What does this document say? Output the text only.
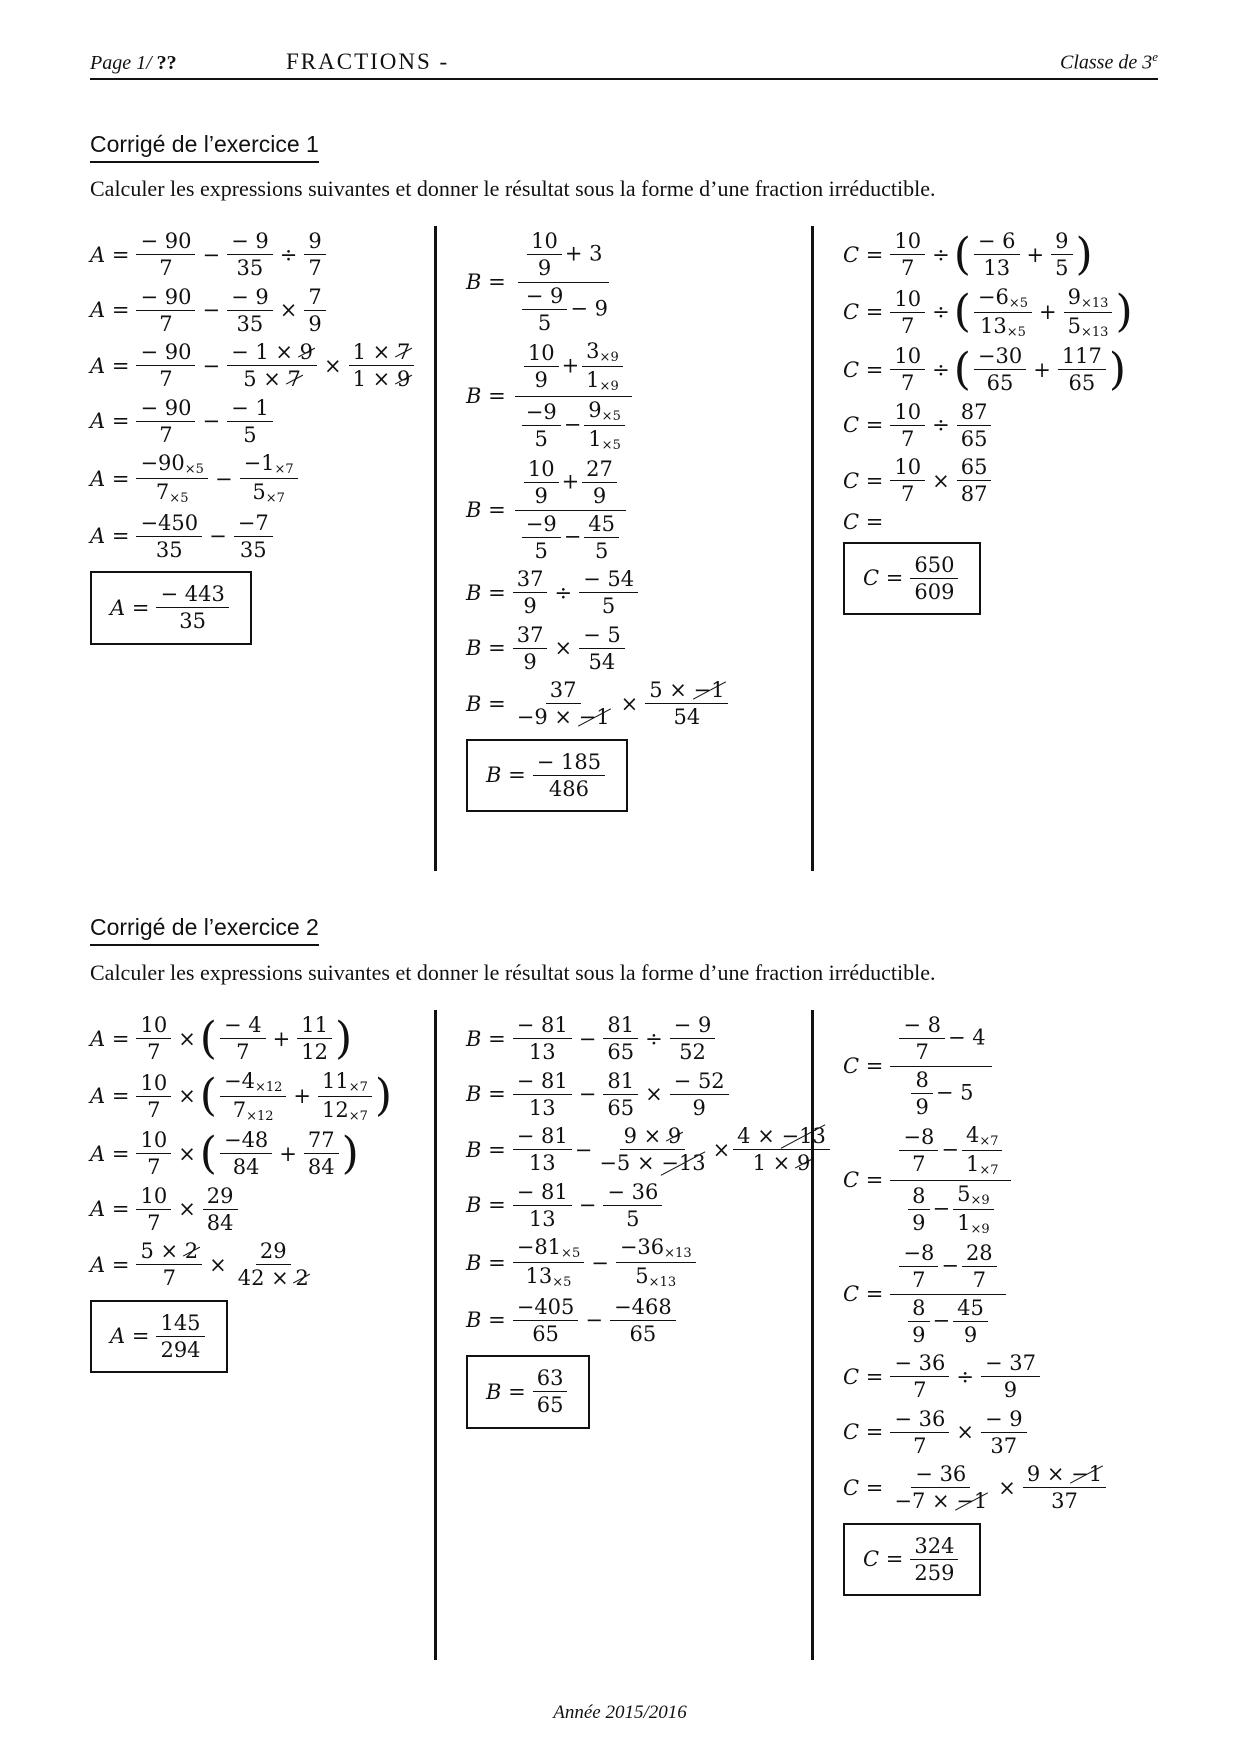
Page 1/ ??	FRACTIONS -	Classe de 3e
Corrigé de l’exercice 1
Calculer les expressions suivantes et donner le résultat sous la forme d’une fraction irréductible.
A =	$\frac{- 90}{7} - \frac{- 9}{35} \div \frac{9}{7}$
A =	$\frac{- 90}{7} - \frac{- 9}{35} \times \frac{7}{9}$
A =	$\frac{- 90}{7} - \frac{- 1 \times 9}{5 \times 7} \times \frac{1 \times 7}{1 \times 9}$
A =	$\frac{- 90}{7} - \frac{- 1}{5}$
A =	$\frac{-90_{\times 5}}{7_{\times 5}} - \frac{-1_{\times 7}}{5_{\times 7}}$
A =	$\frac{-450}{35} - \frac{-7}{35}$
A =	$\frac{- 443}{35}$
B =	$\frac{\frac{10}{9} + 3}{\frac{- 9}{5} - 9}$
B =	$\frac{\frac{10}{9} + \frac{3_{\times 9}}{1_{\times 9}}}{\frac{-9}{5} - \frac{9_{\times 5}}{1_{\times 5}}}$
B =	$\frac{\frac{10}{9} + \frac{27}{9}}{\frac{-9}{5} - \frac{45}{5}}$
B =	$\frac{37}{9} \div \frac{- 54}{5}$
B =	$\frac{37}{9} \times \frac{- 5}{54}$
B =	$\frac{37}{-9 \times -1} \times \frac{5 \times -1}{54}$
B =	$\frac{- 185}{486}$
C =	$\frac{10}{7}$ ÷ ( $\frac{- 6}{13} + \frac{9}{5}$ )
C =	$\frac{10}{7}$ ÷ ( $\frac{-6_{\times 5}}{13_{\times 5}} + \frac{9_{\times 13}}{5_{\times 13}}$ )
C =	$\frac{10}{7}$ ÷ ( $\frac{-30}{65} + \frac{117}{65}$ )
C =	$\frac{10}{7} \div \frac{87}{65}$
C =	$\frac{10}{7} \times \frac{65}{87}$
C =
C =	$\frac{650}{609}$
Corrigé de l’exercice 2
Calculer les expressions suivantes et donner le résultat sous la forme d’une fraction irréductible.
A =	$\frac{10}{7}$ × ( $\frac{- 4}{7} + \frac{11}{12}$ )
A =	$\frac{10}{7}$ × ( $\frac{-4_{\times 12}}{7_{\times 12}} + \frac{11_{\times 7}}{12_{\times 7}}$ )
A =	$\frac{10}{7}$ × ( $\frac{-48}{84} + \frac{77}{84}$ )
A =	$\frac{10}{7} \times \frac{29}{84}$
A =	$\frac{5 \times 2}{7} \times \frac{29}{42 \times 2}$
A =	$\frac{145}{294}$
B =	$\frac{- 81}{13} - \frac{81}{65} \div \frac{- 9}{52}$
B =	$\frac{- 81}{13} - \frac{81}{65} \times \frac{- 52}{9}$
B =	$\frac{- 81}{13} - \frac{9 \times 9}{-5 \times -13} \times \frac{4 \times -13}{1 \times 9}$
B =	$\frac{- 81}{13} - \frac{- 36}{5}$
B =	$\frac{-81_{\times 5}}{13_{\times 5}} - \frac{-36_{\times 13}}{5_{\times 13}}$
B =	$\frac{-405}{65} - \frac{-468}{65}$
B =	$\frac{63}{65}$
C =	$\frac{\frac{- 8}{7} - 4}{\frac{8}{9} - 5}$
C =	$\frac{\frac{-8}{7} - \frac{4_{\times 7}}{1_{\times 7}}}{\frac{8}{9} - \frac{5_{\times 9}}{1_{\times 9}}}$
C =	$\frac{\frac{-8}{7} - \frac{28}{7}}{\frac{8}{9} - \frac{45}{9}}$
C =	$\frac{- 36}{7} \div \frac{- 37}{9}$
C =	$\frac{- 36}{7} \times \frac{- 9}{37}$
C =	$\frac{- 36}{-7 \times -1} \times \frac{9 \times -1}{37}$
C =	$\frac{324}{259}$
Année 2015/2016
